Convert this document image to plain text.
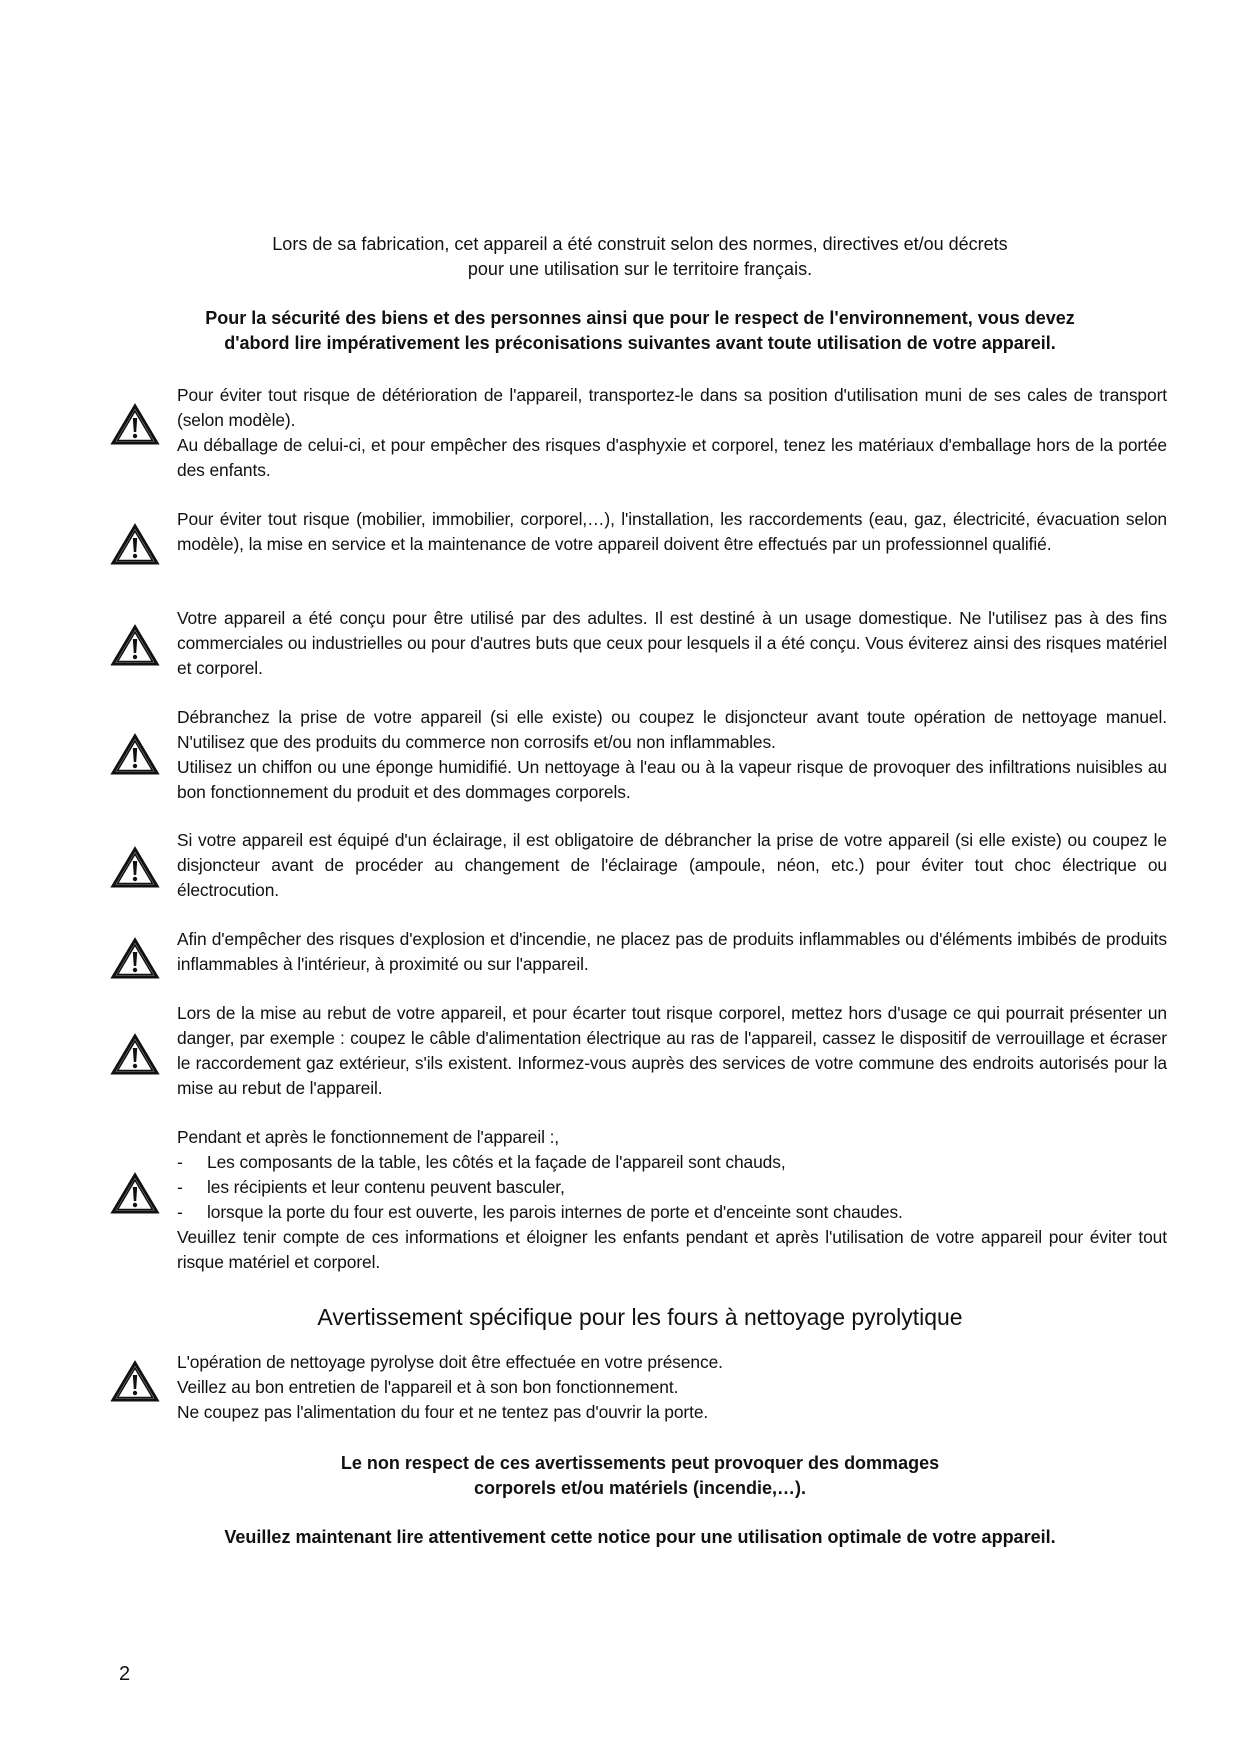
Lors de sa fabrication, cet appareil a été construit selon des normes, directives et/ou décrets

pour une utilisation sur le territoire français.

Pour la sécurité des biens et des personnes ainsi que pour le respect de l'environnement, vous devez

d'abord lire impérativement les préconisations suivantes avant toute utilisation de votre appareil.

Pour éviter tout risque de détérioration de l'appareil, transportez-le dans sa position d'utilisation muni de ses cales de transport (selon modèle).

Au déballage de celui-ci, et pour empêcher des risques d'asphyxie et corporel, tenez les matériaux d'emballage hors de la portée des enfants.

Pour éviter tout risque (mobilier, immobilier, corporel,…), l'installation, les raccordements (eau, gaz, électricité, évacuation selon modèle), la mise en service et la maintenance de votre appareil doivent être effectués par un professionnel qualifié.

Votre appareil a été conçu pour être utilisé par des adultes. Il est destiné à un usage domestique. Ne l'utilisez pas à des fins commerciales ou industrielles ou pour d'autres buts que ceux pour lesquels il a été conçu. Vous éviterez ainsi des risques matériel et corporel.

Débranchez la prise de votre appareil (si elle existe) ou coupez le disjoncteur avant toute opération de nettoyage manuel. N'utilisez que des produits du commerce non corrosifs et/ou non inflammables.

Utilisez un chiffon ou une éponge humidifié. Un nettoyage à l'eau ou à la vapeur risque de provoquer des infiltrations nuisibles au bon fonctionnement du produit et des dommages corporels.

Si votre appareil est équipé d'un éclairage, il est obligatoire de débrancher la prise de votre appareil (si elle existe) ou coupez le disjoncteur avant de procéder au changement de l'éclairage (ampoule, néon, etc.) pour éviter tout choc électrique ou électrocution.

Afin d'empêcher des risques d'explosion et d'incendie, ne placez pas de produits inflammables ou d'éléments imbibés de produits inflammables à l'intérieur, à proximité ou sur l'appareil.

Lors de la mise au rebut de votre appareil, et pour écarter tout risque corporel, mettez hors d'usage ce qui pourrait présenter un danger, par exemple : coupez le câble d'alimentation électrique au ras de l'appareil, cassez le dispositif de verrouillage et écraser le raccordement gaz extérieur, s'ils existent. Informez-vous auprès des services de votre commune des endroits autorisés pour la mise au rebut de l'appareil.

Pendant et après le fonctionnement de l'appareil :,

-	Les composants de la table, les côtés et la façade de l'appareil sont chauds,
-	les récipients et leur contenu peuvent basculer,
-	lorsque la porte du four est ouverte, les parois internes de porte et d'enceinte sont chaudes.

Veuillez tenir compte de ces informations et éloigner les enfants pendant et après l'utilisation de votre appareil pour éviter tout risque matériel et corporel.

Avertissement spécifique pour les fours à nettoyage pyrolytique

L'opération de nettoyage pyrolyse doit être effectuée en votre présence.

Veillez au bon entretien de l'appareil et à son bon fonctionnement.

Ne coupez pas l'alimentation du four et ne tentez pas d'ouvrir la porte.

Le non respect de ces avertissements peut provoquer des dommages

corporels et/ou matériels (incendie,…).

Veuillez maintenant lire attentivement cette notice pour une utilisation optimale de votre appareil.

2
